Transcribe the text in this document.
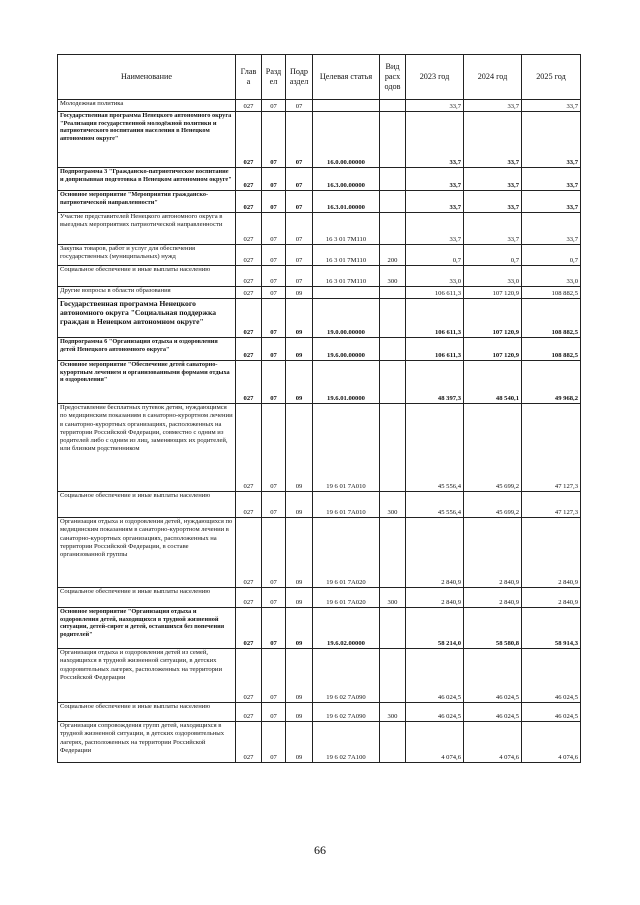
Наименование	Глав а	Разд ел	Подр аздел	Целевая статья	Вид расх одов	2023 год	2024 год	2025 год
Молодежная политика	027	07	07			33,7	33,7	33,7
Государственная программа Ненецкого автономного округа "Реализация государственной молодёжной политики и патриотического воспитания населения в Ненецком автономном округе"	027	07	07	16.0.00.00000		33,7	33,7	33,7
Подпрограмма 3 "Гражданско-патриотическое воспитание и допризывная подготовка в Ненецком автономном округе"	027	07	07	16.3.00.00000		33,7	33,7	33,7
Основное мероприятие "Мероприятия гражданско-патриотической направленности"	027	07	07	16.3.01.00000		33,7	33,7	33,7
Участие представителей Ненецкого автономного округа в выездных мероприятиях патриотической направленности	027	07	07	16 3 01 7М110		33,7	33,7	33,7
Закупка товаров, работ и услуг для обеспечения государственных (муниципальных) нужд	027	07	07	16 3 01 7М110	200	0,7	0,7	0,7
Социальное обеспечение и иные выплаты населению	027	07	07	16 3 01 7М110	300	33,0	33,0	33,0
Другие вопросы в области образования	027	07	09			106 611,3	107 120,9	108 882,5
Государственная программа Ненецкого автономного округа "Социальная поддержка граждан в Ненецком автономном округе"	027	07	09	19.0.00.00000		106 611,3	107 120,9	108 882,5
Подпрограмма 6 "Организация отдыха и оздоровления детей Ненецкого автономного округа"	027	07	09	19.6.00.00000		106 611,3	107 120,9	108 882,5
Основное мероприятие "Обеспечение детей санаторно-курортным лечением и организованными формами отдыха и оздоровления"	027	07	09	19.6.01.00000		48 397,3	48 540,1	49 968,2
Предоставление бесплатных путевок детям, нуждающимся по медицинским показаниям в санаторно-курортном лечении в санаторно-курортных организациях, расположенных на территории Российской Федерации, совместно с одним из родителей либо с одним из лиц, заменяющих их родителей, или близким родственником	027	07	09	19 6 01 7А010		45 556,4	45 699,2	47 127,3
Социальное обеспечение и иные выплаты населению	027	07	09	19 6 01 7А010	300	45 556,4	45 699,2	47 127,3
Организация отдыха и оздоровления детей, нуждающихся по медицинским показаниям в санаторно-курортном лечении в санаторно-курортных организациях, расположенных на территории Российской Федерации, в составе организованной группы	027	07	09	19 6 01 7А020		2 840,9	2 840,9	2 840,9
Социальное обеспечение и иные выплаты населению	027	07	09	19 6 01 7А020	300	2 840,9	2 840,9	2 840,9
Основное мероприятие "Организация отдыха и оздоровления детей, находящихся в трудной жизненной ситуации, детей-сирот и детей, оставшихся без попечения родителей"	027	07	09	19.6.02.00000		58 214,0	58 580,8	58 914,3
Организация отдыха и оздоровления детей из семей, находящихся в трудной жизненной ситуации, в детских оздоровительных лагерях, расположенных на территории Российской Федерации	027	07	09	19 6 02 7А090		46 024,5	46 024,5	46 024,5
Социальное обеспечение и иные выплаты населению	027	07	09	19 6 02 7А090	300	46 024,5	46 024,5	46 024,5
Организация сопровождения групп детей, находящихся в трудной жизненной ситуации, в детских оздоровительных лагерях, расположенных на территории Российской Федерации	027	07	09	19 6 02 7А100		4 074,6	4 074,6	4 074,6
66
